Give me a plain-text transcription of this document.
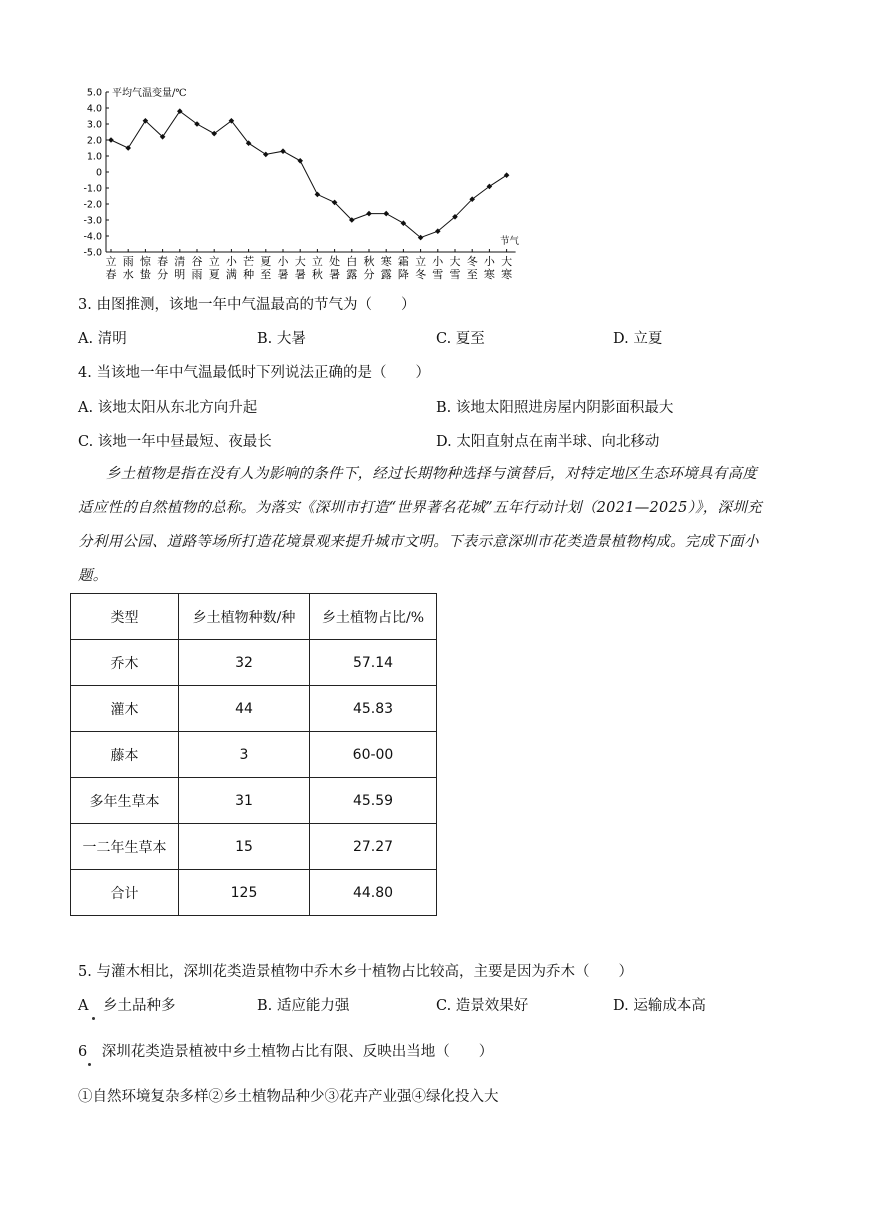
5.0
4.0
3.0
2.0
1.0
0
-1.0
-2.0
-3.0
-4.0
-5.0
立春
雨水
惊蛰
春分
清明
谷雨
立夏
小满
芒种
夏至
小暑
大暑
立秋
处暑
白露
秋分
寒露
霜降
立冬
小雪
大雪
冬至
小寒
大寒
平均气温变量/℃
节气
3. 由图推测，该地一年中气温最高的节气为（　　）
A. 清明	B. 大暑	C. 夏至	D. 立夏
4. 当该地一年中气温最低时下列说法正确的是（　　）
A. 该地太阳从东北方向升起	B. 该地太阳照进房屋内阴影面积最大
C. 该地一年中昼最短、夜最长	D. 太阳直射点在南半球、向北移动
乡土植物是指在没有人为影响的条件下，经过长期物种选择与演替后，对特定地区生态环境具有高度
适应性的自然植物的总称。为落实《深圳市打造“世界著名花城”五年行动计划（2021—2025）》，深圳充
分利用公园、道路等场所打造花境景观来提升城市文明。下表示意深圳市花类造景植物构成。完成下面小
题。
类型	乡土植物种数/种	乡土植物占比/%
乔木	32	57.14
灌木	44	45.83
藤本	3	60-00
多年生草本	31	45.59
一二年生草本	15	27.27
合计	125	44.80
5. 与灌木相比，深圳花类造景植物中乔木乡十植物占比较高，主要是因为乔木（　　）
A　乡土品种多	B. 适应能力强	C. 造景效果好	D. 运输成本高
6　深圳花类造景植被中乡土植物占比有限、反映出当地（　　）
①自然环境复杂多样②乡土植物品种少③花卉产业强④绿化投入大
